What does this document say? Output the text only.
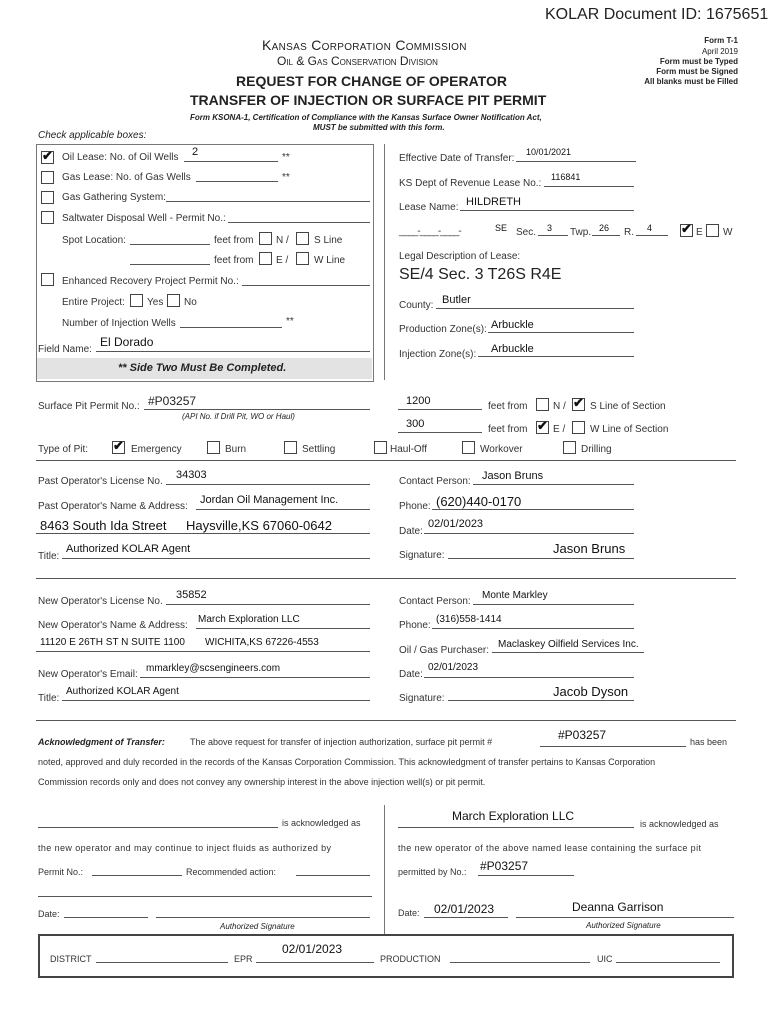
KOLAR Document ID: 1675651
Kansas Corporation Commission
Oil & Gas Conservation Division
REQUEST FOR CHANGE OF OPERATOR
TRANSFER OF INJECTION OR SURFACE PIT PERMIT
Form T-1
April 2019
Form must be Typed
Form must be Signed
All blanks must be Filled
Form KSONA-1, Certification of Compliance with the Kansas Surface Owner Notification Act,
MUST be submitted with this form.
Check applicable boxes:
✔ Oil Lease: No. of Oil Wells 2	**
Gas Lease: No. of Gas Wells	**
Gas Gathering System:
Saltwater Disposal Well - Permit No.:
Spot Location:	feet from N /	S Line
feet from E /	W Line
Enhanced Recovery Project Permit No.:
Entire Project: Yes No
Number of Injection Wells	**
Field Name:
El Dorado
** Side Two Must Be Completed.
Effective Date of Transfer:
10/01/2021
KS Dept of Revenue Lease No.:
116841
Lease Name: HILDRETH
____-____-____-	SE Sec. 3 Twp. 26 R. 4 ✔ E W
Legal Description of Lease:
SE/4 Sec. 3 T26S R4E
County: Butler
Production Zone(s): Arbuckle
Injection Zone(s): Arbuckle
Surface Pit Permit No.: #P03257
(API No. if Drill Pit, WO or Haul)
1200	feet from	N / ✔ S Line of Section
300	feet from ✔ E / W Line of Section
Type of Pit: ✔ Emergency	Burn	Settling	Haul-Off	Workover	Drilling
Past Operator's License No.
34303
Past Operator's Name & Address:
Jordan Oil Management Inc.
8463 South Ida Street Haysville,KS 67060-0642
Title:
Authorized KOLAR Agent
Contact Person: Jason Bruns
Phone: (620)440-0170
Date:
02/01/2023
Signature:	Jason Bruns
New Operator's License No.
35852
New Operator's Name & Address:
March Exploration LLC
11120 E 26TH ST N SUITE 1100 WICHITA,KS 67226-4553
New Operator's Email:
mmarkley@scsengineers.com
Title:
Authorized KOLAR Agent
Contact Person:
Monte Markley
Phone:
(316)558-1414
Oil / Gas Purchaser:
Maclaskey Oilfield Services Inc.
Date:
02/01/2023
Signature:	Jacob Dyson
Acknowledgment of Transfer:	The above request for transfer of injection authorization, surface pit permit #	#P03257	has been
noted, approved and duly recorded in the records of the Kansas Corporation Commission. This acknowledgment of transfer pertains to Kansas Corporation
Commission records only and does not convey any ownership interest in the above injection well(s) or pit permit.
is acknowledged as	March Exploration LLC
is acknowledged as
the new operator and may continue to inject fluids as authorized by	the new operator of the above named lease containing the surface pit
Permit No.:	Recommended action:	permitted by No.: #P03257
Date:
Authorized Signature
Date: 02/01/2023	Deanna Garrison
Authorized Signature
DISTRICT	EPR
02/01/2023
PRODUCTION	UIC
